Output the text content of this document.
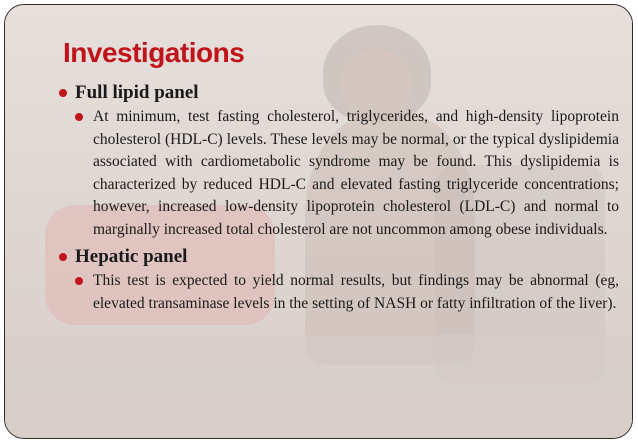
Investigations

Full lipid panel

At minimum, test fasting cholesterol, triglycerides, and high-density lipoprotein cholesterol (HDL-C) levels. These levels may be normal, or the typical dyslipidemia associated with cardiometabolic syndrome may be found. This dyslipidemia is characterized by reduced HDL-C and elevated fasting triglyceride concentrations; however, increased low-density lipoprotein cholesterol (LDL-C) and normal to marginally increased total cholesterol are not uncommon among obese individuals.

Hepatic panel

This test is expected to yield normal results, but findings may be abnormal (eg, elevated transaminase levels in the setting of NASH or fatty infiltration of the liver).
